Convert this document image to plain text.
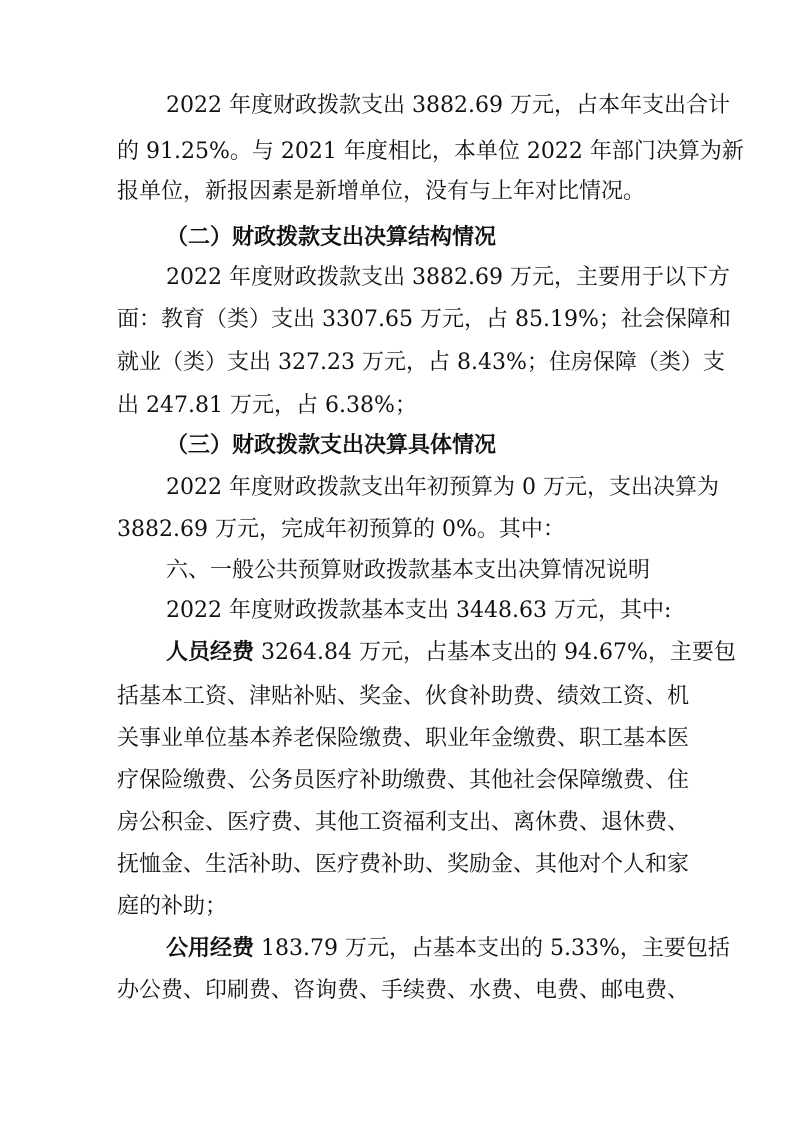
2022 年度财政拨款支出 3882.69 万元，占本年支出合计
的 91.25%。与 2021 年度相比，本单位 2022 年部门决算为新
报单位，新报因素是新增单位，没有与上年对比情况。
（二）财政拨款支出决算结构情况
2022 年度财政拨款支出 3882.69 万元，主要用于以下方
面：教育（类）支出 3307.65 万元，占 85.19%；社会保障和
就业（类）支出 327.23 万元，占 8.43%；住房保障（类）支
出 247.81 万元，占 6.38%；
（三）财政拨款支出决算具体情况
2022 年度财政拨款支出年初预算为 0 万元，支出决算为
3882.69 万元，完成年初预算的 0%。其中：
六、一般公共预算财政拨款基本支出决算情况说明
2022 年度财政拨款基本支出 3448.63 万元，其中:
人员经费 3264.84 万元，占基本支出的 94.67%，主要包
括基本工资、津贴补贴、奖金、伙食补助费、绩效工资、机
关事业单位基本养老保险缴费、职业年金缴费、职工基本医
疗保险缴费、公务员医疗补助缴费、其他社会保障缴费、住
房公积金、医疗费、其他工资福利支出、离休费、退休费、
抚恤金、生活补助、医疗费补助、奖励金、其他对个人和家
庭的补助；
公用经费 183.79 万元，占基本支出的 5.33%，主要包括
办公费、印刷费、咨询费、手续费、水费、电费、邮电费、
